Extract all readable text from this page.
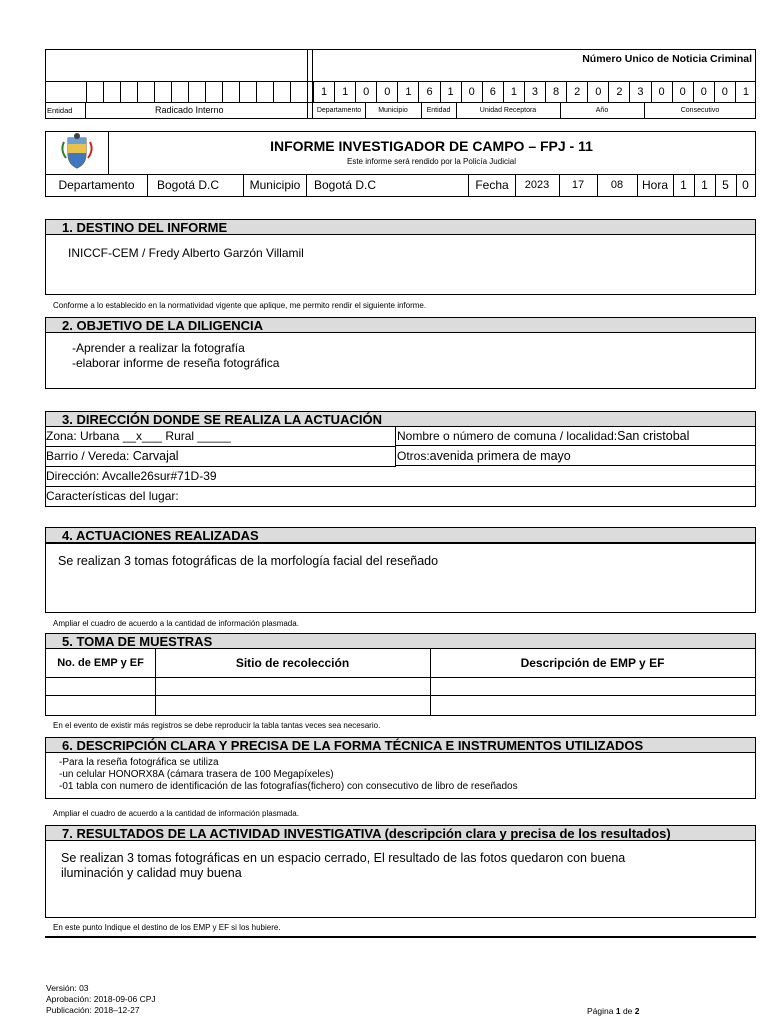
Número Unico de Noticia Criminal

Entidad	Radicado Interno
1	1	0	0	1	6	1	0	6	1	3	8	2	0	2	3	0	0	0	0	1
Departamento	Municipio	Entidad	Unidad Receptora	Año	Consecutivo
INFORME INVESTIGADOR DE CAMPO – FPJ - 11
Este informe será rendido por la Policía Judicial
Departamento	Bogotá D.C	Municipio	Bogotá D.C	Fecha	2023	17	08	Hora	1	1	5	0
1. DESTINO DEL INFORME
INICCF-CEM / Fredy Alberto Garzón Villamil
Conforme a lo establecido en la normatividad vigente que aplique, me permito rendir el siguiente informe.
2. OBJETIVO DE LA DILIGENCIA
-Aprender a realizar la fotografía
-elaborar informe de reseña fotográfica
3. DIRECCIÓN DONDE SE REALIZA LA ACTUACIÓN
Zona: Urbana __x___ Rural _____	Nombre o número de comuna / localidad:San cristobal
Barrio / Vereda: Carvajal	Otros:avenida primera de mayo
Dirección: Avcalle26sur#71D-39
Características del lugar:
4. ACTUACIONES REALIZADAS
Se realizan 3 tomas fotográficas de la morfología facial del reseñado
Ampliar el cuadro de acuerdo a la cantidad de información plasmada.
5. TOMA DE MUESTRAS
No. de EMP y EF	Sitio de recolección	Descripción de EMP y EF
En el evento de existir más registros se debe reproducir la tabla tantas veces sea necesario.
6. DESCRIPCIÓN CLARA Y PRECISA DE LA FORMA TÉCNICA E INSTRUMENTOS UTILIZADOS
-Para la reseña fotográfica se utiliza
-un celular HONORX8A (cámara trasera de 100 Megapíxeles)
-01 tabla con numero de identificación de las fotografías(fichero) con consecutivo de libro de reseñados
Ampliar el cuadro de acuerdo a la cantidad de información plasmada.
7. RESULTADOS DE LA ACTIVIDAD INVESTIGATIVA (descripción clara y precisa de los resultados)
Se realizan 3 tomas fotográficas en un espacio cerrado, El resultado de las fotos quedaron con buena
iluminación y calidad muy buena
En este punto Indique el destino de los EMP y EF si los hubiere.
Versión: 03
Aprobación: 2018-09-06 CPJ
Publicación: 2018–12-27	Página 1 de 2
